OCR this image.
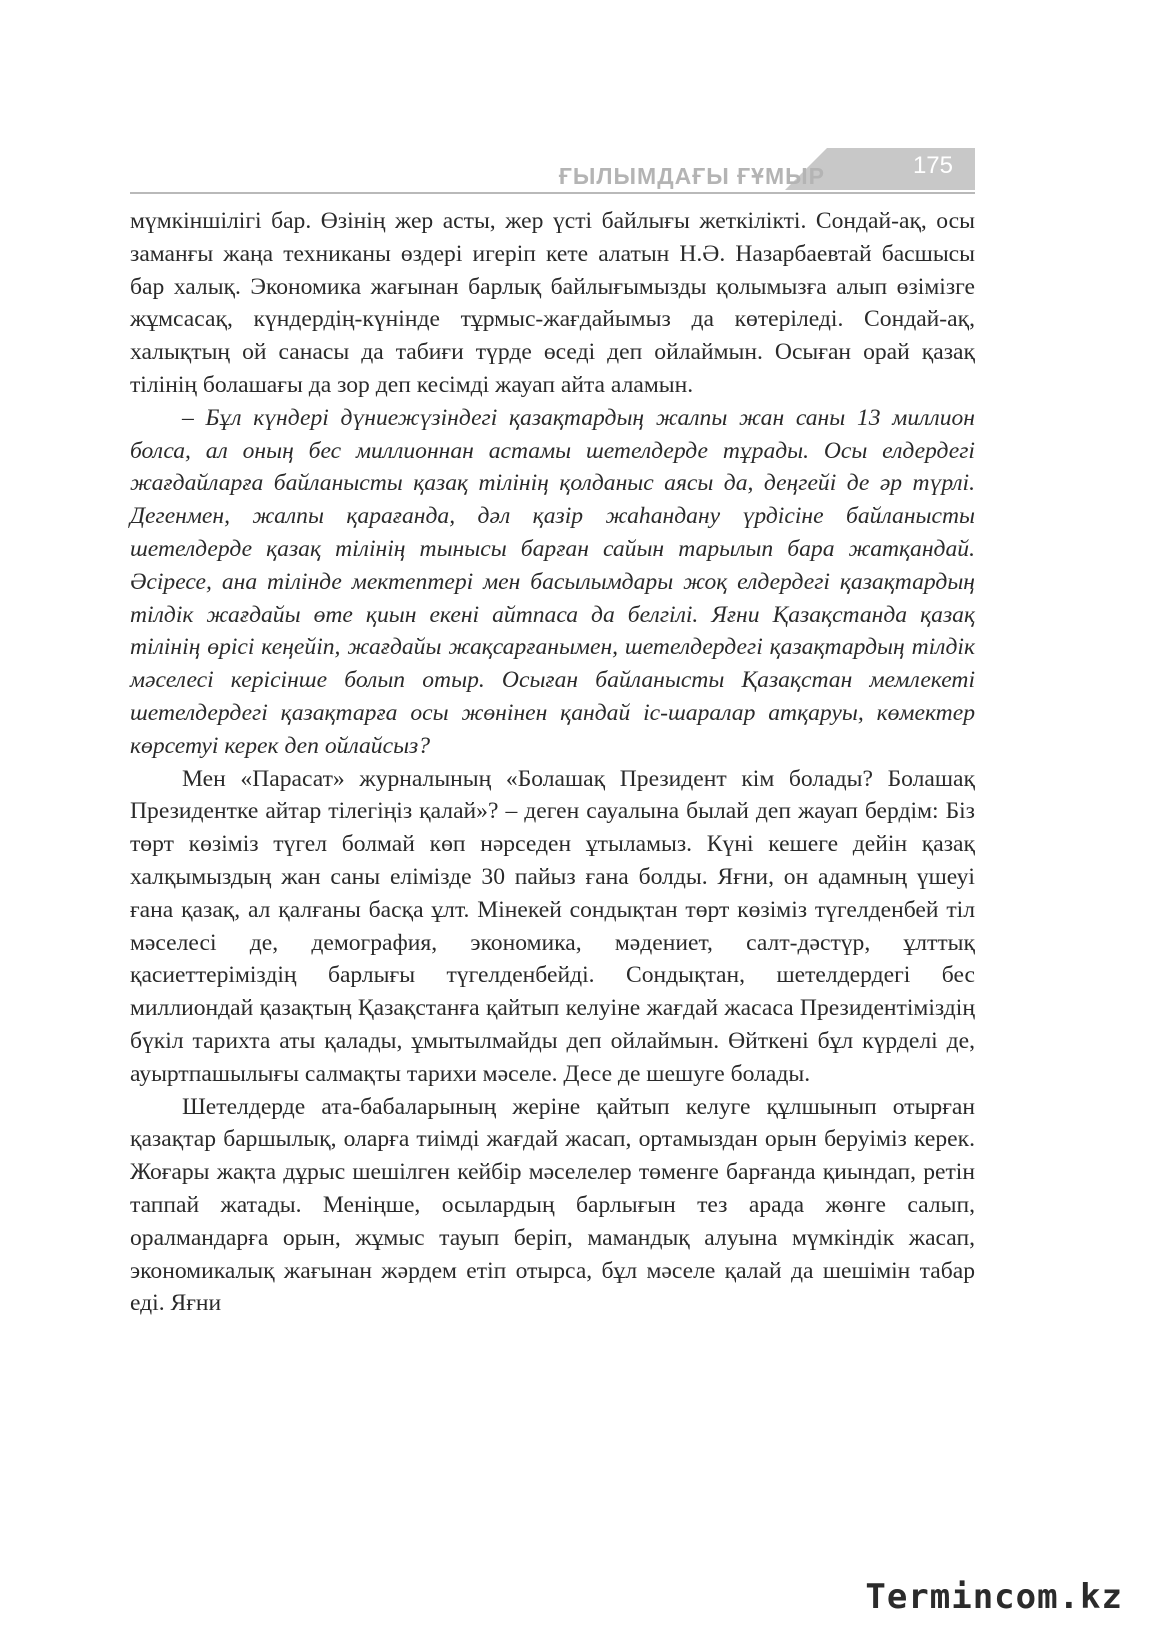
ҒЫЛЫМДАҒЫ ҒҰМЫР	175

мүмкіншілігі бар. Өзінің жер асты, жер үсті байлығы жеткілікті. Сондай-ақ, осы заманғы жаңа техниканы өздері игеріп кете алатын Н.Ә. Назарбаевтай басшысы бар халық. Экономика жағынан барлық байлығымызды қолымызға алып өзімізге жұмсасақ, күндердің-күнінде тұрмыс-жағдайымыз да көтеріледі. Сондай-ақ, халықтың ой санасы да табиғи түрде өседі деп ойлаймын. Осыған орай қазақ тілінің болашағы да зор деп кесімді жауап айта аламын.

– Бұл күндері дүниежүзіндегі қазақтардың жалпы жан саны 13 миллион болса, ал оның бес миллионнан астамы шетелдерде тұрады. Осы елдердегі жағдайларға байланысты қазақ тілінің қолданыс аясы да, деңгейі де әр түрлі. Дегенмен, жалпы қарағанда, дәл қазір жаһандану үрдісіне байланысты шетелдерде қазақ тілінің тынысы барған сайын тарылып бара жатқандай. Әсіресе, ана тілінде мектептері мен басылымдары жоқ елдердегі қазақтардың тілдік жағдайы өте қиын екені айтпаса да белгілі. Яғни Қазақстанда қазақ тілінің өрісі кеңейіп, жағдайы жақсарғанымен, шетелдердегі қазақтардың тілдік мәселесі керісінше болып отыр. Осыған байланысты Қазақстан мемлекеті шетелдердегі қазақтарға осы жөнінен қандай іс-шаралар атқаруы, көмектер көрсетуі керек деп ойлайсыз?

Мен «Парасат» журналының «Болашақ Президент кім болады? Болашақ Президентке айтар тілегіңіз қалай»? – деген сауалына былай деп жауап бердім: Біз төрт көзіміз түгел болмай көп нәрседен ұтыламыз. Күні кешеге дейін қазақ халқымыздың жан саны елімізде 30 пайыз ғана болды. Яғни, он адамның үшеуі ғана қазақ, ал қалғаны басқа ұлт. Мінекей сондықтан төрт көзіміз түгелденбей тіл мәселесі де, демография, экономика, мәдениет, салт-дәстүр, ұлттық қасиеттеріміздің барлығы түгелденбейді. Сондықтан, шетелдердегі бес миллиондай қазақтың Қазақстанға қайтып келуіне жағдай жасаса Президентіміздің бүкіл тарихта аты қалады, ұмытылмайды деп ойлаймын. Өйткені бұл күрделі де, ауыртпашылығы салмақты тарихи мәселе. Десе де шешуге болады.

Шетелдерде ата-бабаларының жеріне қайтып келуге құлшынып отырған қазақтар баршылық, оларға тиімді жағдай жасап, ортамыздан орын беруіміз керек. Жоғары жақта дұрыс шешілген кейбір мәселелер төменге барғанда қиындап, ретін таппай жатады. Меніңше, осылардың барлығын тез арада жөнге салып, оралмандарға орын, жұмыс тауып беріп, мамандық алуына мүмкіндік жасап, экономикалық жағынан жәрдем етіп отырса, бұл мәселе қалай да шешімін табар еді. Яғни

Termincоm.kz
